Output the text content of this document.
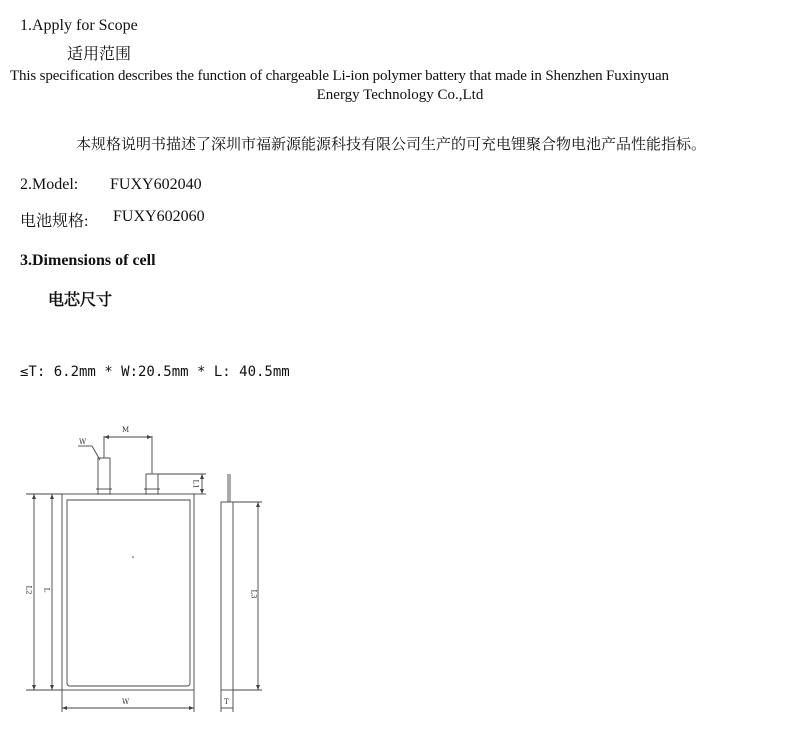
1.Apply for Scope
适用范围
This specification describes the function of chargeable Li-ion polymer battery that made in Shenzhen Fuxinyuan
Energy Technology Co.,Ltd
本规格说明书描述了深圳市福新源能源科技有限公司生产的可充电锂聚合物电池产品性能指标。
2.Model: FUXY602040
电池规格: FUXY602060
3.Dimensions of cell
电芯尺寸
≤T: 6.2mm * W:20.5mm * L: 40.5mm
M
W
L1
L2 L
W
L3
T
